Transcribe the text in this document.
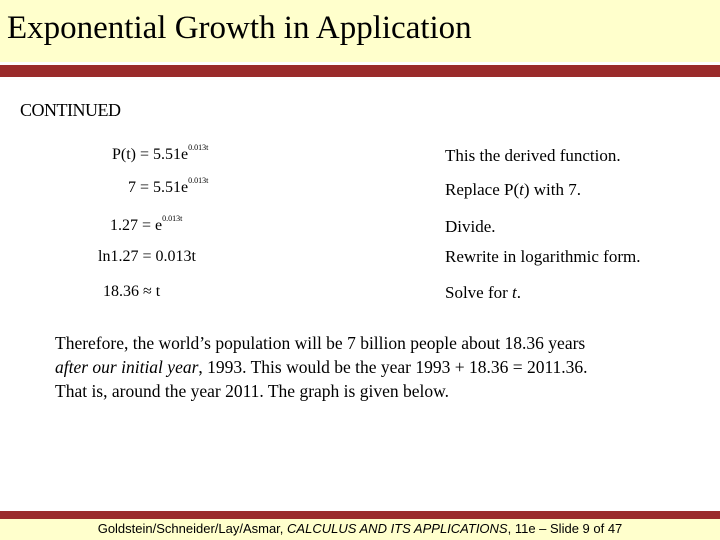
Exponential Growth in Application
CONTINUED
$P(t) = 5.51e^{0.013t}$
$7 = 5.51e^{0.013t}$
$1.27 = e^{0.013t}$
ln1.27 = 0.013t
18.36 ≈ t
This the derived function.
Replace P(t) with 7.
Divide.
Rewrite in logarithmic form.
Solve for t.

Therefore, the world’s population will be 7 billion people about 18.36 years

after our initial year, 1993. This would be the year 1993 + 18.36 = 2011.36.

That is, around the year 2011. The graph is given below.

Goldstein/Schneider/Lay/Asmar, CALCULUS AND ITS APPLICATIONS, 11e – Slide 9 of 47
